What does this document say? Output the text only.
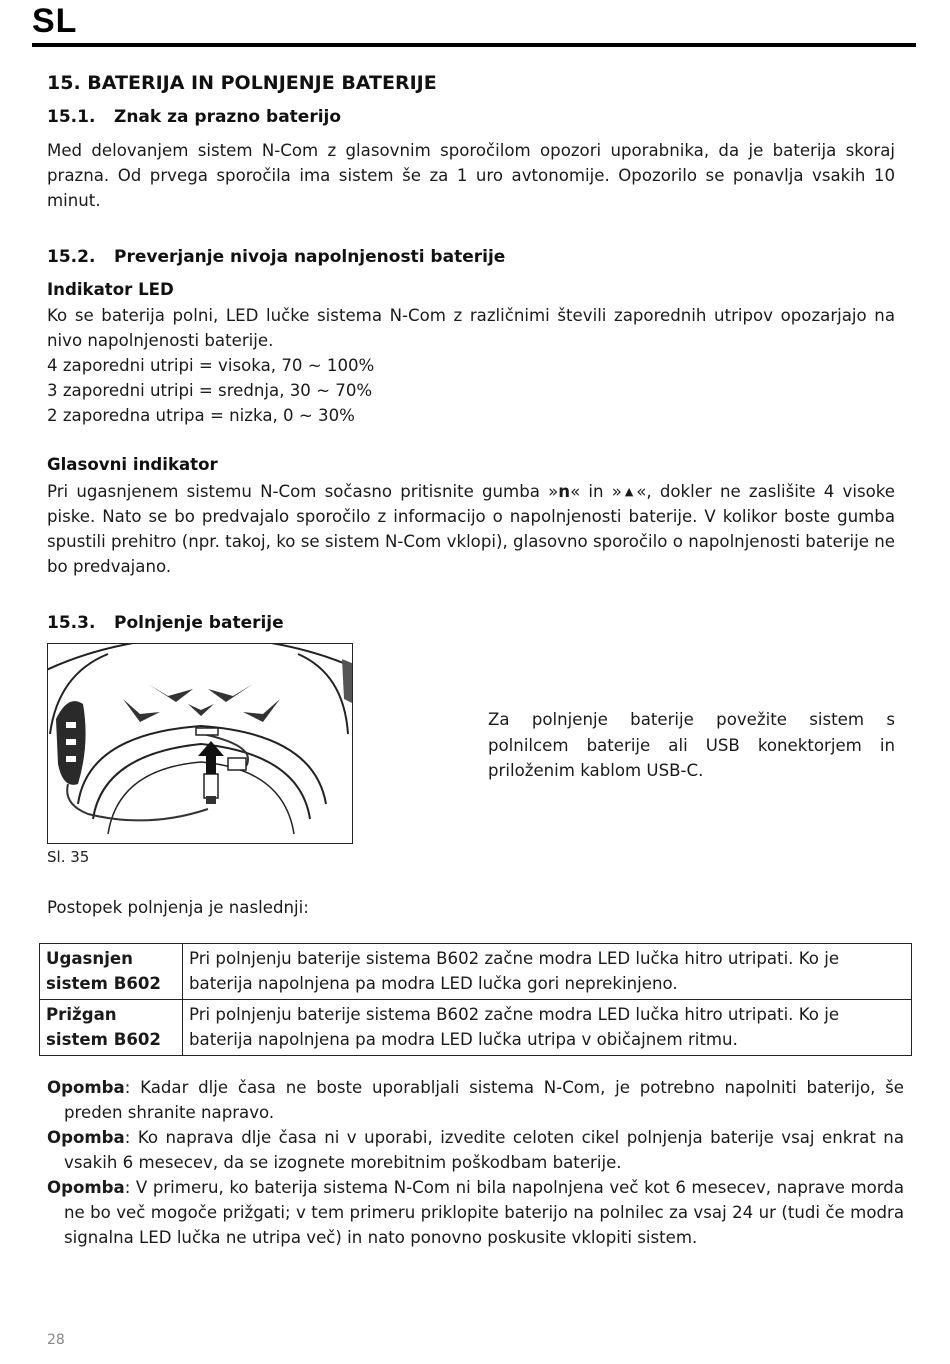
SL
15. BATERIJA IN POLNJENJE BATERIJE
15.1. Znak za prazno baterijo
Med delovanjem sistem N-Com z glasovnim sporočilom opozori uporabnika, da je baterija skoraj prazna. Od prvega sporočila ima sistem še za 1 uro avtonomije. Opozorilo se ponavlja vsakih 10 minut.
15.2. Preverjanje nivoja napolnjenosti baterije
Indikator LED
Ko se baterija polni, LED lučke sistema N-Com z različnimi števili zaporednih utripov opozarjajo na nivo napolnjenosti baterije.
4 zaporedni utripi = visoka, 70 ~ 100%
3 zaporedni utripi = srednja, 30 ~ 70%
2 zaporedna utripa = nizka, 0 ~ 30%
Glasovni indikator
Pri ugasnjenem sistemu N-Com sočasno pritisnite gumba »n« in »▲«, dokler ne zaslišite 4 visoke piske. Nato se bo predvajalo sporočilo z informacijo o napolnjenosti baterije. V kolikor boste gumba spustili prehitro (npr. takoj, ko se sistem N-Com vklopi), glasovno sporočilo o napolnjenosti baterije ne bo predvajano.
15.3. Polnjenje baterije
Za polnjenje baterije povežite sistem s polnilcem baterije ali USB konektorjem in priloženim kablom USB-C.
Sl. 35
Postopek polnjenja je naslednji:
Ugasnjen
sistem B602	Pri polnjenju baterije sistema B602 začne modra LED lučka hitro utripati. Ko je baterija napolnjena pa modra LED lučka gori neprekinjeno.

Prižgan
sistem B602	Pri polnjenju baterije sistema B602 začne modra LED lučka hitro utripati. Ko je baterija napolnjena pa modra LED lučka utripa v običajnem ritmu.

Opomba: Kadar dlje časa ne boste uporabljali sistema N-Com, je potrebno napolniti baterijo, še preden shranite napravo.

Opomba: Ko naprava dlje časa ni v uporabi, izvedite celoten cikel polnjenja baterije vsaj enkrat na vsakih 6 mesecev, da se izognete morebitnim poškodbam baterije.

Opomba: V primeru, ko baterija sistema N-Com ni bila napolnjena več kot 6 mesecev, naprave morda ne bo več mogoče prižgati; v tem primeru priklopite baterijo na polnilec za vsaj 24 ur (tudi če modra signalna LED lučka ne utripa več) in nato ponovno poskusite vklopiti sistem.

28
